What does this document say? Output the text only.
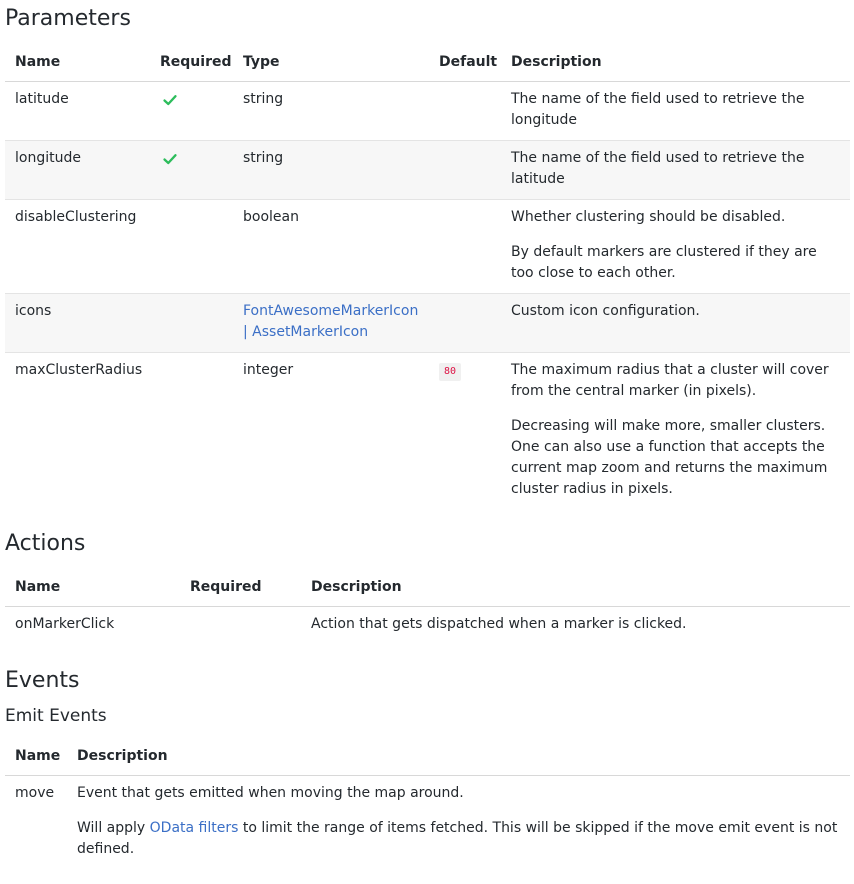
Parameters
Name	Required	Type	Default	Description
latitude		string		The name of the field used to retrieve the longitude

longitude		string		The name of the field used to retrieve the latitude

disableClustering		boolean		Whether clustering should be disabled.

By default markers are clustered if they are too close to each other.

icons		FontAwesomeMarkerIcon
| AssetMarkerIcon		Custom icon configuration.

maxClusterRadius		integer	80	The maximum radius that a cluster will cover from the central marker (in pixels).

Decreasing will make more, smaller clusters. One can also use a function that accepts the current map zoom and returns the maximum cluster radius in pixels.

Actions
Name	Required	Description
onMarkerClick		Action that gets dispatched when a marker is clicked.
Events
Emit Events
Name	Description
move	Event that gets emitted when moving the map around.

Will apply OData filters to limit the range of items fetched. This will be skipped if the move emit event is not defined.
